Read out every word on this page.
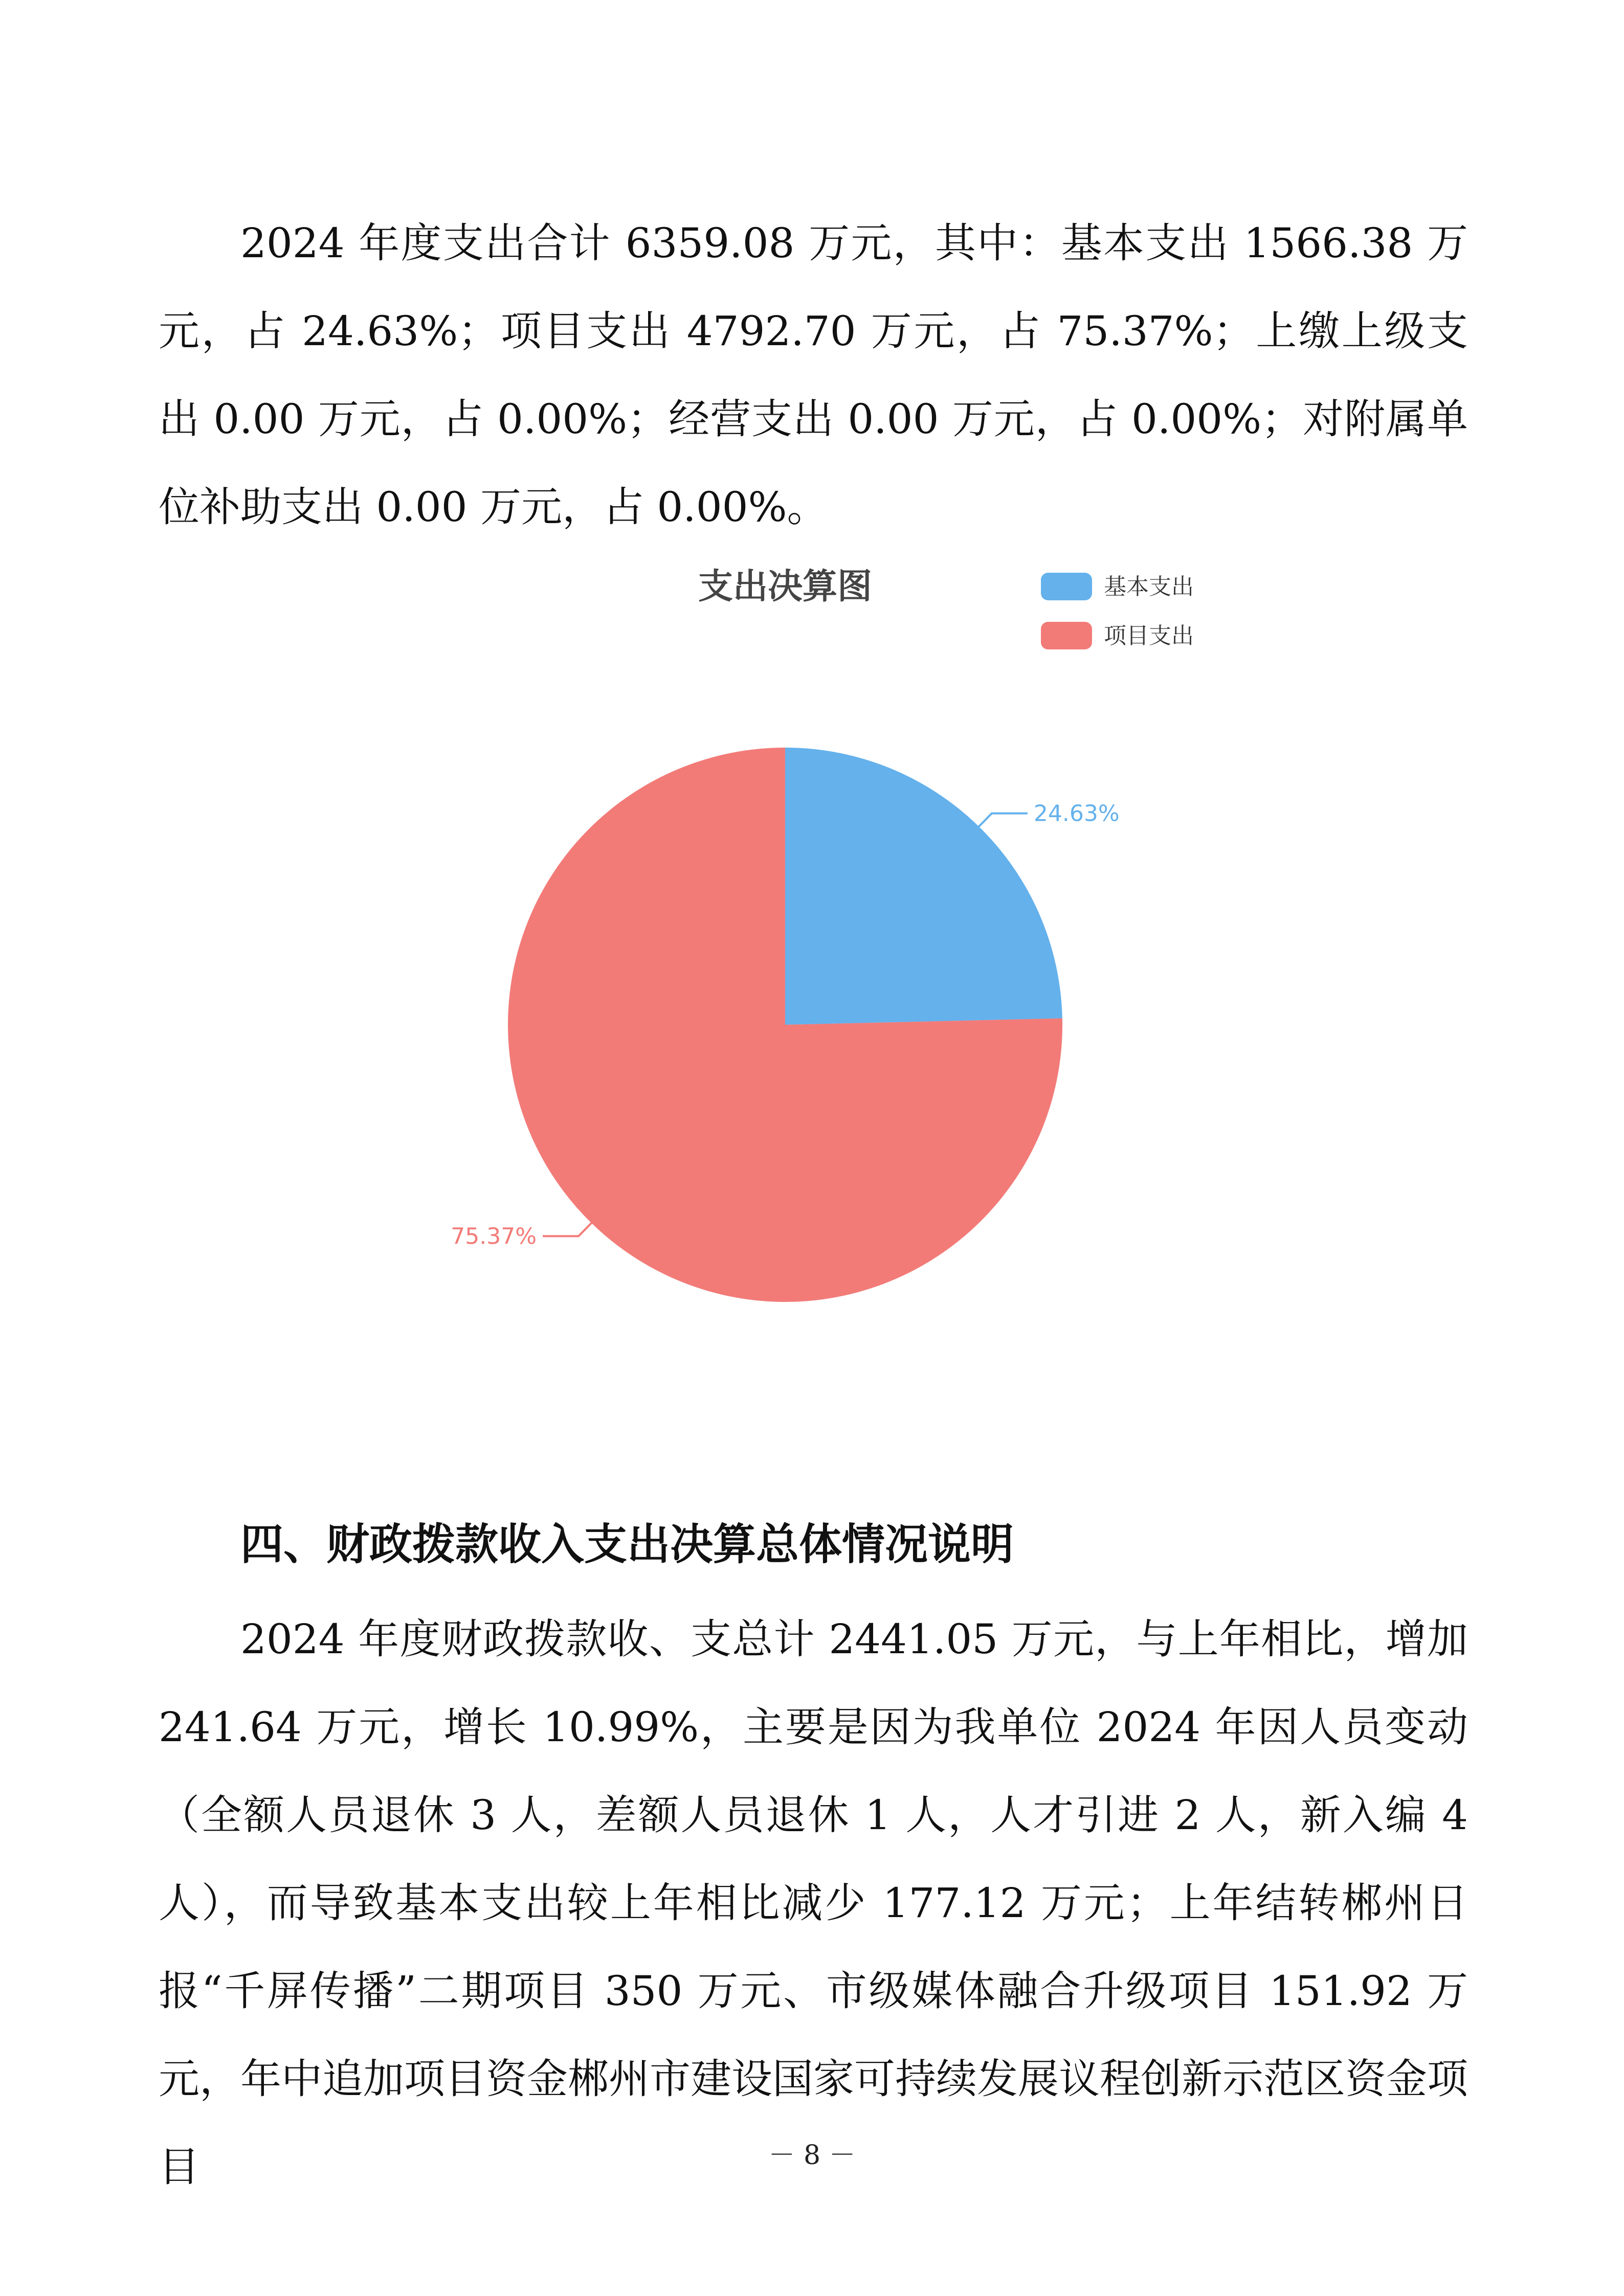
2024 年度支出合计 6359.08 万元，其中：基本支出 1566.38 万元，占 24.63%；项目支出 4792.70 万元，占 75.37%；上缴上级支出 0.00 万元，占 0.00%；经营支出 0.00 万元，占 0.00%；对附属单位补助支出 0.00 万元，占 0.00%。

支出决算图	基本支出
项目支出
24.63%
75.37%
四、财政拨款收入支出决算总体情况说明

2024 年度财政拨款收、支总计 2441.05 万元，与上年相比，增加 241.64 万元，增长 10.99%，主要是因为我单位 2024 年因人员变动（全额人员退休 3 人，差额人员退休 1 人，人才引进 2 人，新入编 4 人），而导致基本支出较上年相比减少 177.12 万元；上年结转郴州日报“千屏传播”二期项目 350 万元、市级媒体融合升级项目 151.92 万元，年中追加项目资金郴州市建设国家可持续发展议程创新示范区资金项目	－ 8 －
